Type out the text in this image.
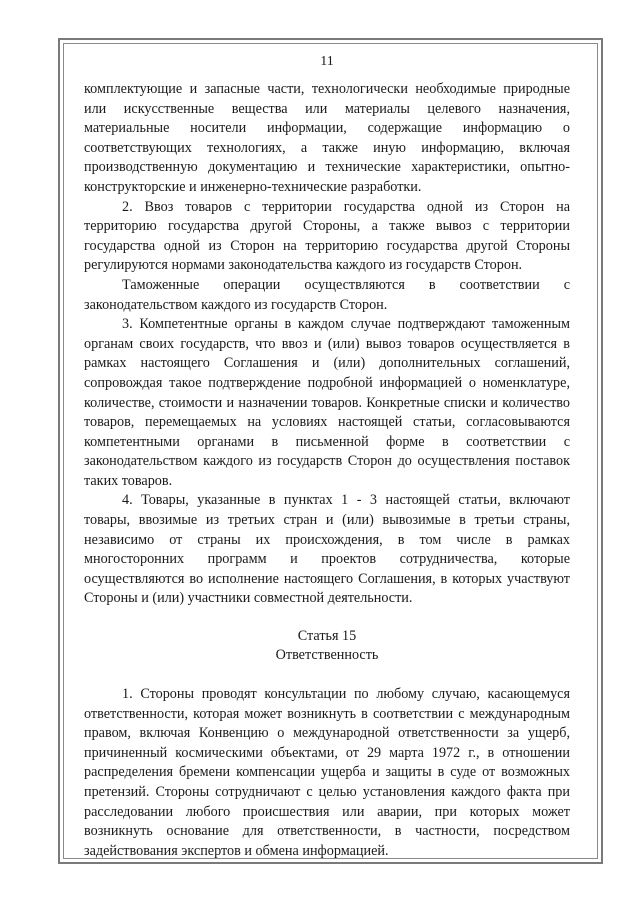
11

комплектующие и запасные части, технологически необходимые природные или искусственные вещества или материалы целевого назначения, материальные носители информации, содержащие информацию о соответствующих технологиях, а также иную информацию, включая производственную документацию и технические характеристики, опытно-конструкторские и инженерно-технические разработки.

2. Ввоз товаров с территории государства одной из Сторон на территорию государства другой Стороны, а также вывоз с территории государства одной из Сторон на территорию государства другой Стороны регулируются нормами законодательства каждого из государств Сторон.

Таможенные операции осуществляются в соответствии с законодательством каждого из государств Сторон.

3. Компетентные органы в каждом случае подтверждают таможенным органам своих государств, что ввоз и (или) вывоз товаров осуществляется в рамках настоящего Соглашения и (или) дополнительных соглашений, сопровождая такое подтверждение подробной информацией о номенклатуре, количестве, стоимости и назначении товаров. Конкретные списки и количество товаров, перемещаемых на условиях настоящей статьи, согласовываются компетентными органами в письменной форме в соответствии с законодательством каждого из государств Сторон до осуществления поставок таких товаров.

4. Товары, указанные в пунктах 1 - 3 настоящей статьи, включают товары, ввозимые из третьих стран и (или) вывозимые в третьи страны, независимо от страны их происхождения, в том числе в рамках многосторонних программ и проектов сотрудничества, которые осуществляются во исполнение настоящего Соглашения, в которых участвуют Стороны и (или) участники совместной деятельности.

Статья 15
Ответственность

1. Стороны проводят консультации по любому случаю, касающемуся ответственности, которая может возникнуть в соответствии с международным правом, включая Конвенцию о международной ответственности за ущерб, причиненный космическими объектами, от 29 марта 1972 г., в отношении распределения бремени компенсации ущерба и защиты в суде от возможных претензий. Стороны сотрудничают с целью установления каждого факта при расследовании любого происшествия или аварии, при которых может возникнуть основание для ответственности, в частности, посредством задействования экспертов и обмена информацией.
